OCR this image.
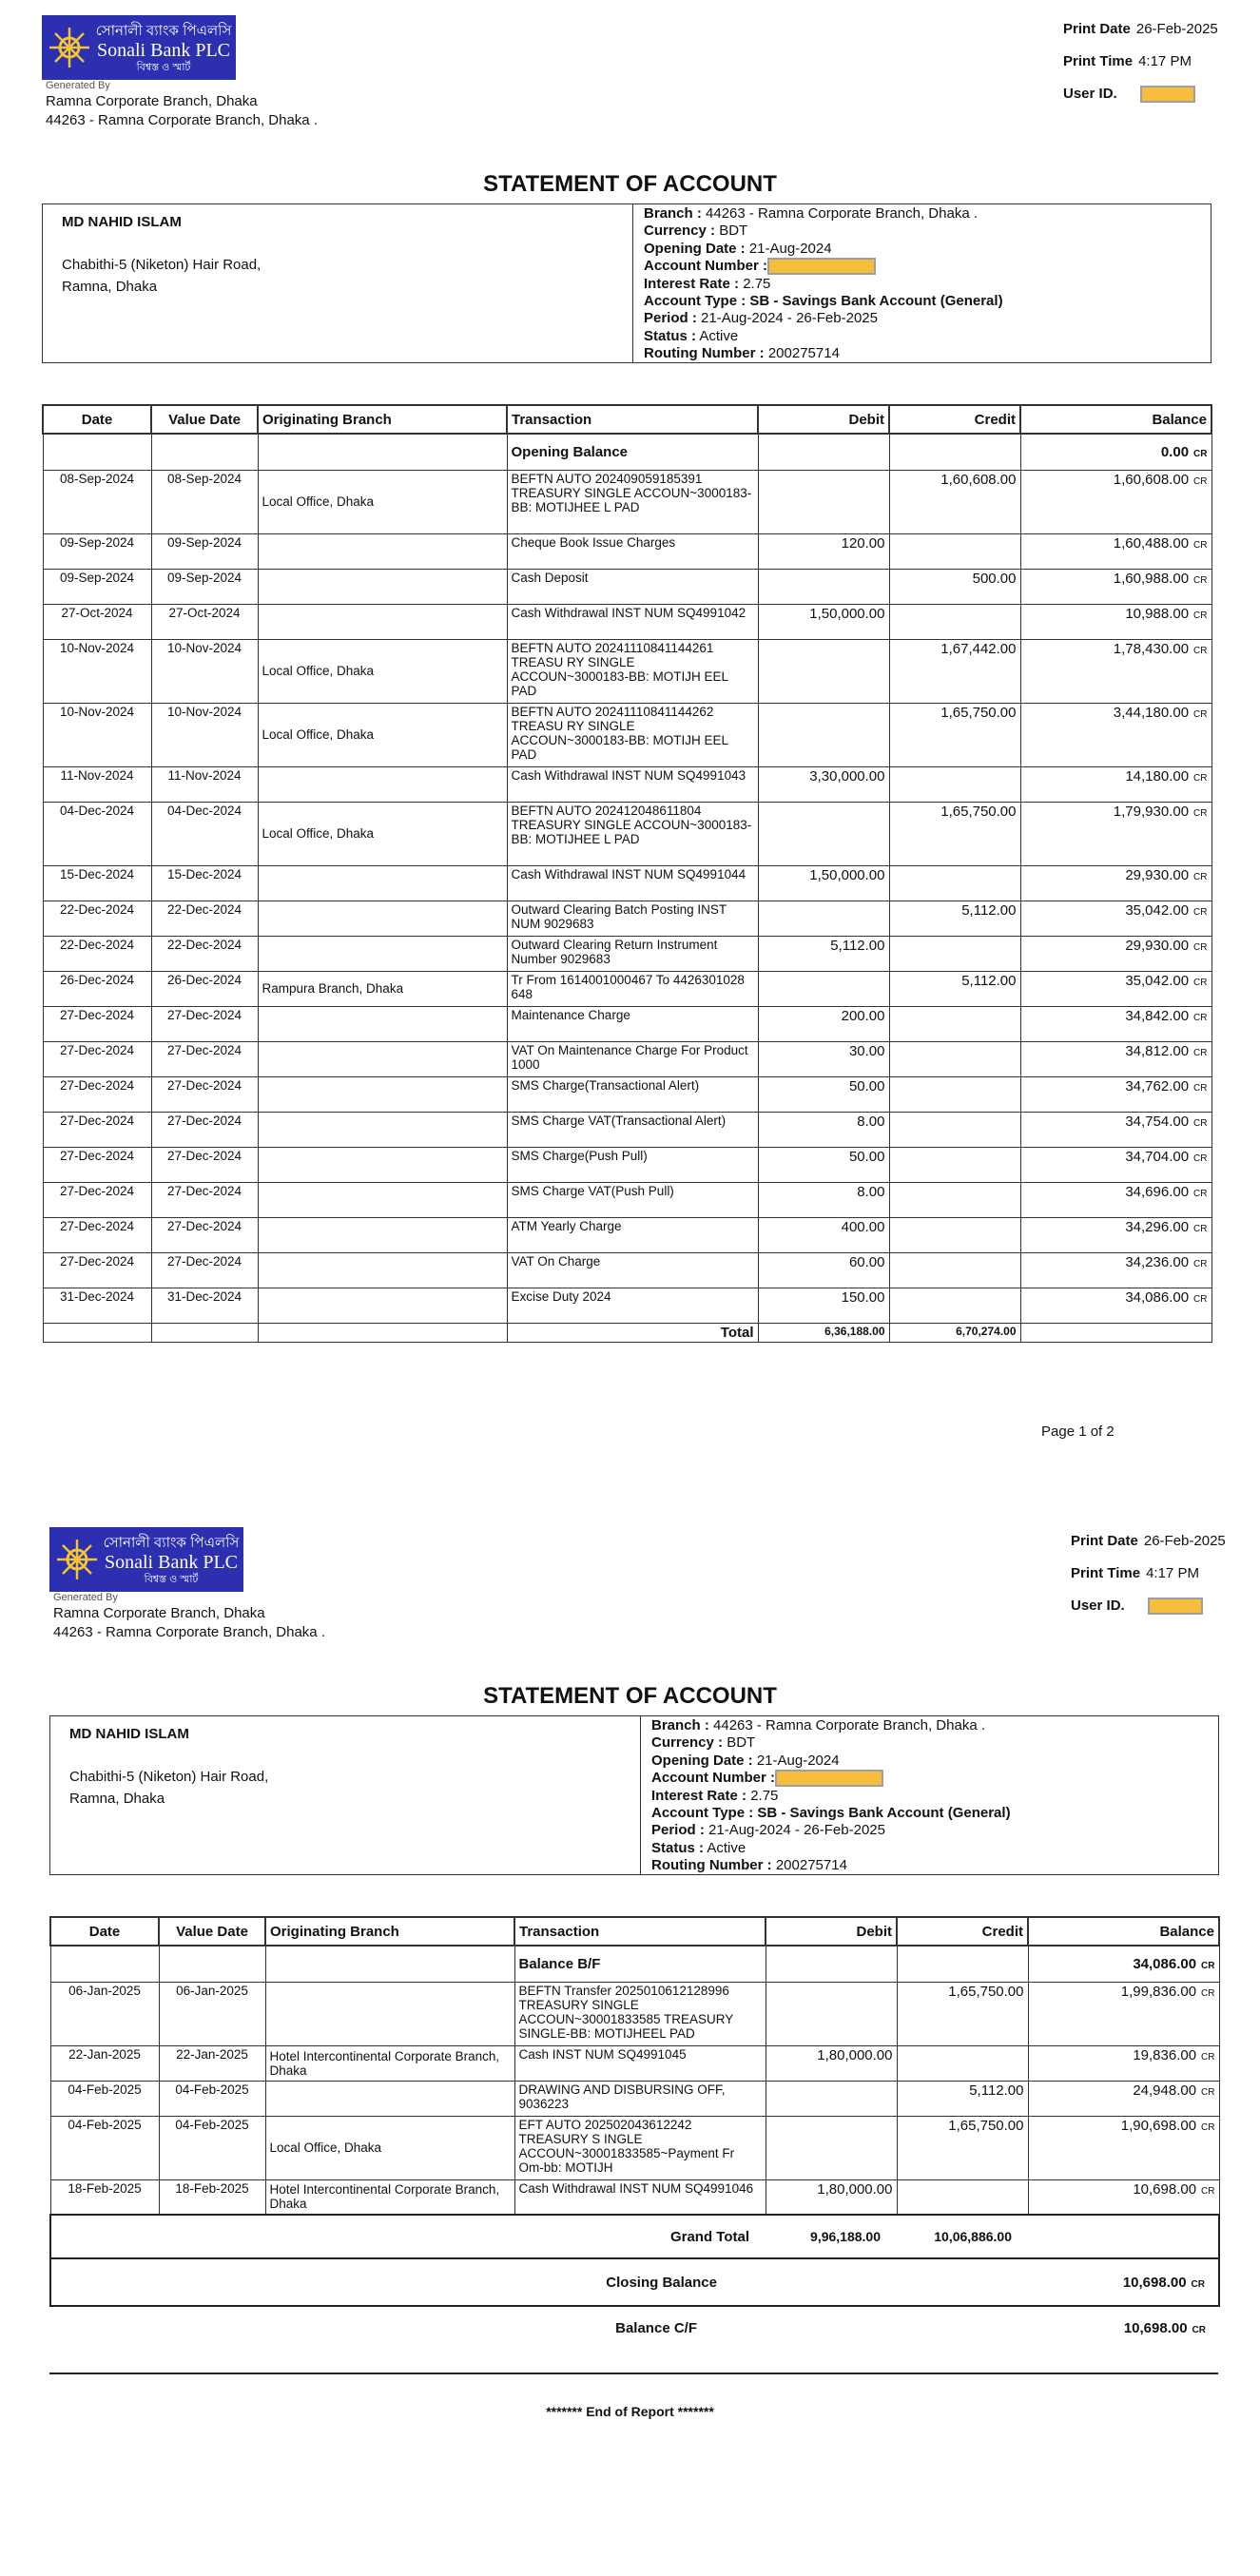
সোনালী ব্যাংক পিএলসি
Sonali Bank PLC
বিশ্বস্ত ও স্মার্ট
Generated By
Ramna Corporate Branch, Dhaka
44263 - Ramna Corporate Branch, Dhaka .
Print Date 26-Feb-2025
Print Time 4:17 PM
User ID.
STATEMENT OF ACCOUNT
MD NAHID ISLAM
Chabithi-5 (Niketon) Hair Road,
Ramna, Dhaka
Branch : 44263 - Ramna Corporate Branch, Dhaka .
Currency : BDT
Opening Date : 21-Aug-2024
Account Number :
Interest Rate : 2.75
Account Type : SB - Savings Bank Account (General)
Period : 21-Aug-2024 - 26-Feb-2025
Status : Active
Routing Number : 200275714
Date	Value Date	Originating Branch	Transaction	Debit	Credit	Balance
			Opening Balance			0.00 CR
08-Sep-2024	08-Sep-2024	Local Office, Dhaka	BEFTN AUTO 202409059185391 TREASURY SINGLE ACCOUN~3000183-BB: MOTIJHEE L PAD		1,60,608.00	1,60,608.00 CR
09-Sep-2024	09-Sep-2024		Cheque Book Issue Charges	120.00		1,60,488.00 CR
09-Sep-2024	09-Sep-2024		Cash Deposit		500.00	1,60,988.00 CR
27-Oct-2024	27-Oct-2024		Cash Withdrawal INST NUM SQ4991042	1,50,000.00		10,988.00 CR
10-Nov-2024	10-Nov-2024	Local Office, Dhaka	BEFTN AUTO 20241110841144261 TREASU RY SINGLE ACCOUN~3000183-BB: MOTIJH EEL PAD		1,67,442.00	1,78,430.00 CR
10-Nov-2024	10-Nov-2024	Local Office, Dhaka	BEFTN AUTO 20241110841144262 TREASU RY SINGLE ACCOUN~3000183-BB: MOTIJH EEL PAD		1,65,750.00	3,44,180.00 CR
11-Nov-2024	11-Nov-2024		Cash Withdrawal INST NUM SQ4991043	3,30,000.00		14,180.00 CR
04-Dec-2024	04-Dec-2024	Local Office, Dhaka	BEFTN AUTO 202412048611804 TREASURY SINGLE ACCOUN~3000183-BB: MOTIJHEE L PAD		1,65,750.00	1,79,930.00 CR
15-Dec-2024	15-Dec-2024		Cash Withdrawal INST NUM SQ4991044	1,50,000.00		29,930.00 CR
22-Dec-2024	22-Dec-2024		Outward Clearing Batch Posting INST NUM 9029683		5,112.00	35,042.00 CR
22-Dec-2024	22-Dec-2024		Outward Clearing Return Instrument Number 9029683	5,112.00		29,930.00 CR
26-Dec-2024	26-Dec-2024	Rampura Branch, Dhaka	Tr From 1614001000467 To 4426301028 648		5,112.00	35,042.00 CR
27-Dec-2024	27-Dec-2024		Maintenance Charge	200.00		34,842.00 CR
27-Dec-2024	27-Dec-2024		VAT On Maintenance Charge For Product 1000	30.00		34,812.00 CR
27-Dec-2024	27-Dec-2024		SMS Charge(Transactional Alert)	50.00		34,762.00 CR
27-Dec-2024	27-Dec-2024		SMS Charge VAT(Transactional Alert)	8.00		34,754.00 CR
27-Dec-2024	27-Dec-2024		SMS Charge(Push Pull)	50.00		34,704.00 CR
27-Dec-2024	27-Dec-2024		SMS Charge VAT(Push Pull)	8.00		34,696.00 CR
27-Dec-2024	27-Dec-2024		ATM Yearly Charge	400.00		34,296.00 CR
27-Dec-2024	27-Dec-2024		VAT On Charge	60.00		34,236.00 CR
31-Dec-2024	31-Dec-2024		Excise Duty 2024	150.00		34,086.00 CR
			Total	6,36,188.00	6,70,274.00	
Page 1 of 2
সোনালী ব্যাংক পিএলসি
Sonali Bank PLC
বিশ্বস্ত ও স্মার্ট
Generated By
Ramna Corporate Branch, Dhaka
44263 - Ramna Corporate Branch, Dhaka .
Print Date 26-Feb-2025
Print Time 4:17 PM
User ID.
STATEMENT OF ACCOUNT
MD NAHID ISLAM
Chabithi-5 (Niketon) Hair Road,
Ramna, Dhaka
Branch : 44263 - Ramna Corporate Branch, Dhaka .
Currency : BDT
Opening Date : 21-Aug-2024
Account Number :
Interest Rate : 2.75
Account Type : SB - Savings Bank Account (General)
Period : 21-Aug-2024 - 26-Feb-2025
Status : Active
Routing Number : 200275714
Date	Value Date	Originating Branch	Transaction	Debit	Credit	Balance
			Balance B/F			34,086.00 CR
06-Jan-2025	06-Jan-2025		BEFTN Transfer 2025010612128996 TREASURY SINGLE ACCOUN~30001833585 TREASURY SINGLE-BB: MOTIJHEEL PAD		1,65,750.00	1,99,836.00 CR
22-Jan-2025	22-Jan-2025	Hotel Intercontinental Corporate Branch, Dhaka	Cash INST NUM SQ4991045	1,80,000.00		19,836.00 CR
04-Feb-2025	04-Feb-2025		DRAWING AND DISBURSING OFF, 9036223		5,112.00	24,948.00 CR
04-Feb-2025	04-Feb-2025	Local Office, Dhaka	EFT AUTO 202502043612242 TREASURY S INGLE ACCOUN~30001833585~Payment Fr Om-bb: MOTIJH		1,65,750.00	1,90,698.00 CR
18-Feb-2025	18-Feb-2025	Hotel Intercontinental Corporate Branch, Dhaka	Cash Withdrawal INST NUM SQ4991046	1,80,000.00		10,698.00 CR

Grand Total 9,96,188.00 10,06,886.00						

Closing Balance 10,698.00 CR						

Balance C/F 10,698.00 CR						
******* End of Report *******
